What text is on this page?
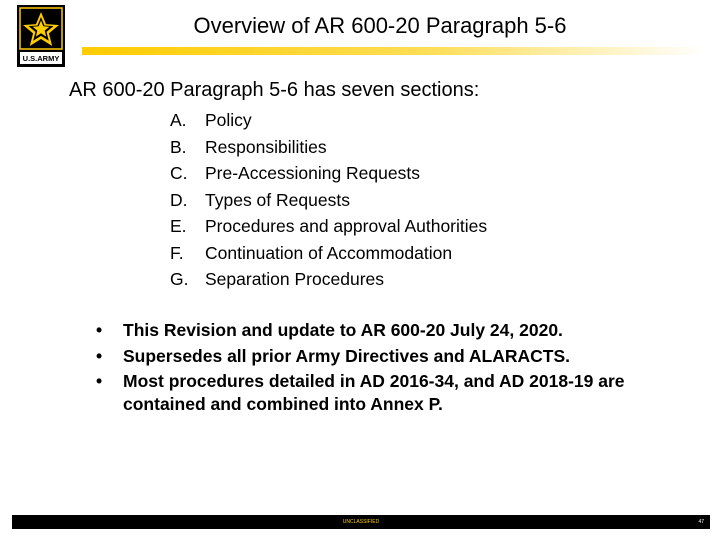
U.S.ARMY
Overview of AR 600-20 Paragraph 5-6
AR 600-20 Paragraph 5-6 has seven sections:
A. Policy
B. Responsibilities
C. Pre-Accessioning Requests
D. Types of Requests
E. Procedures and approval Authorities
F. Continuation of Accommodation
G. Separation Procedures
• This Revision and update to AR 600-20 July 24, 2020.
• Supersedes all prior Army Directives and ALARACTS.
• Most procedures detailed in AD 2016-34, and AD 2018-19 are contained and combined into Annex P.
UNCLASSIFIED	47
